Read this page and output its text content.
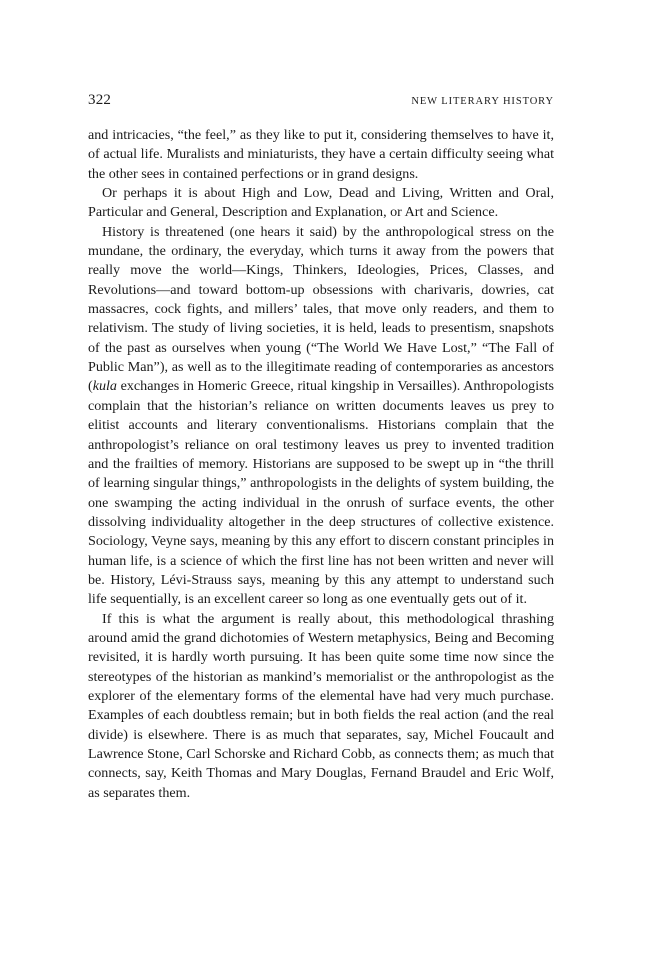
322	NEW LITERARY HISTORY

and intricacies, “the feel,” as they like to put it, considering themselves to have it, of actual life. Muralists and miniaturists, they have a certain difficulty seeing what the other sees in contained perfections or in grand designs.

Or perhaps it is about High and Low, Dead and Living, Written and Oral, Particular and General, Description and Explanation, or Art and Science.

History is threatened (one hears it said) by the anthropological stress on the mundane, the ordinary, the everyday, which turns it away from the powers that really move the world—Kings, Thinkers, Ideologies, Prices, Classes, and Revolutions—and toward bottom-up obsessions with charivaris, dowries, cat massacres, cock fights, and millers’ tales, that move only readers, and them to relativism. The study of living societies, it is held, leads to presentism, snapshots of the past as ourselves when young (“The World We Have Lost,” “The Fall of Public Man”), as well as to the illegitimate reading of contemporaries as ancestors (kula exchanges in Homeric Greece, ritual kingship in Versailles). Anthropologists complain that the historian’s reliance on written documents leaves us prey to elitist accounts and literary conventionalisms. Historians complain that the anthropologist’s reliance on oral testimony leaves us prey to invented tradition and the frailties of memory. Historians are supposed to be swept up in “the thrill of learning singular things,” anthropologists in the delights of system building, the one swamping the acting individual in the onrush of surface events, the other dissolving individuality altogether in the deep structures of collective existence. Sociology, Veyne says, meaning by this any effort to discern constant principles in human life, is a science of which the first line has not been written and never will be. History, Lévi-Strauss says, meaning by this any attempt to understand such life sequentially, is an excellent career so long as one eventually gets out of it.

If this is what the argument is really about, this methodological thrashing around amid the grand dichotomies of Western metaphysics, Being and Becoming revisited, it is hardly worth pursuing. It has been quite some time now since the stereotypes of the historian as mankind’s memorialist or the anthropologist as the explorer of the elementary forms of the elemental have had very much purchase. Examples of each doubtless remain; but in both fields the real action (and the real divide) is elsewhere. There is as much that separates, say, Michel Foucault and Lawrence Stone, Carl Schorske and Richard Cobb, as connects them; as much that connects, say, Keith Thomas and Mary Douglas, Fernand Braudel and Eric Wolf, as separates them.
